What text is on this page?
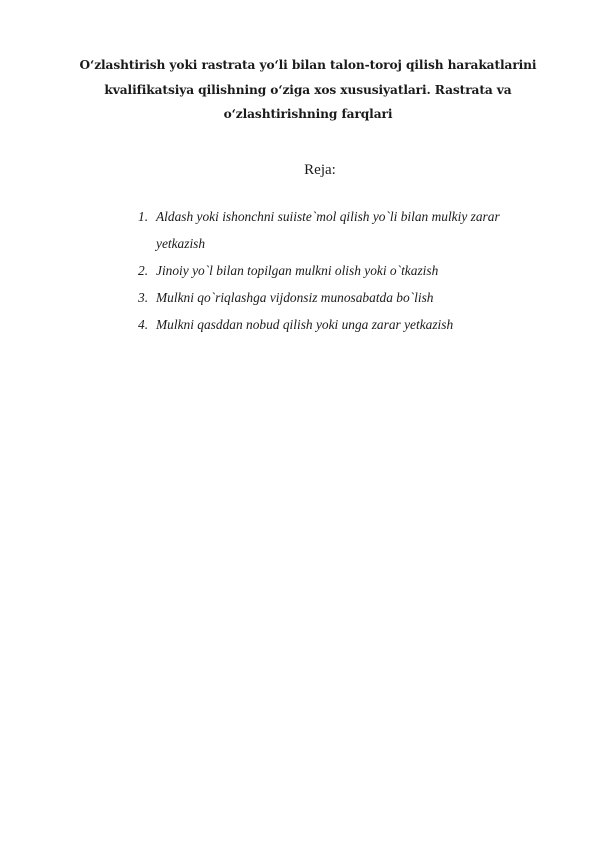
O‘zlashtirish yoki rastrata yo‘li bilan talon-toroj qilish harakatlarini
kvalifikatsiya qilishning o‘ziga xos xususiyatlari. Rastrata va
o‘zlashtirishning farqlari

Reja:

1. Aldash yoki ishonchni suiiste`mol qilish yo`li bilan mulkiy zarar yetkazish
2. Jinoiy yo`l bilan topilgan mulkni olish yoki o`tkazish
3. Mulkni qo`riqlashga vijdonsiz munosabatda bo`lish
4. Mulkni qasddan nobud qilish yoki unga zarar yetkazish
